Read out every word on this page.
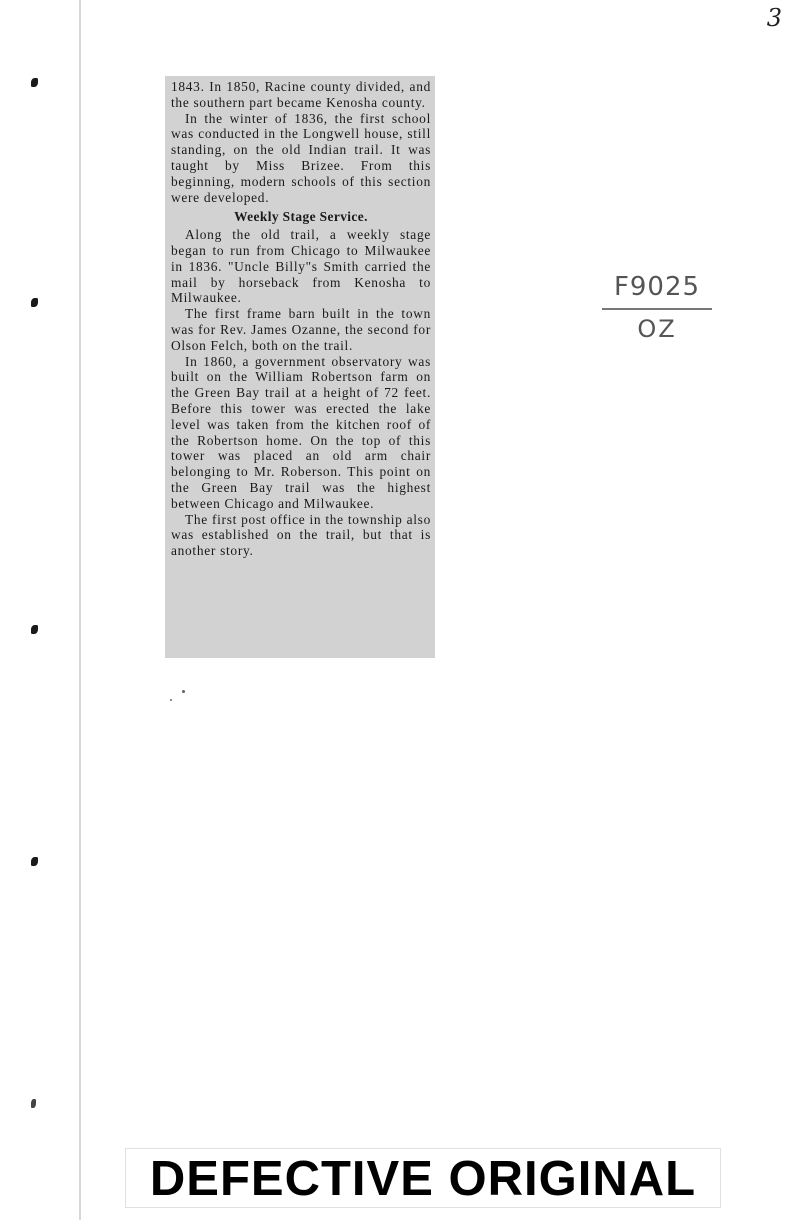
3

1843. In 1850, Racine county divided, and the southern part became Kenosha county.

In the winter of 1836, the first school was conducted in the Longwell house, still standing, on the old Indian trail. It was taught by Miss Brizee. From this beginning, modern schools of this section were developed.

Weekly Stage Service.

Along the old trail, a weekly stage began to run from Chicago to Milwaukee in 1836. "Uncle Billy"s Smith carried the mail by horseback from Kenosha to Milwaukee.

The first frame barn built in the town was for Rev. James Ozanne, the second for Olson Felch, both on the trail.

In 1860, a government observatory was built on the William Robertson farm on the Green Bay trail at a height of 72 feet. Before this tower was erected the lake level was taken from the kitchen roof of the Robertson home. On the top of this tower was placed an old arm chair belonging to Mr. Roberson. This point on the Green Bay trail was the highest between Chicago and Milwaukee.

The first post office in the township also was established on the trail, but that is another story.

F9025
OZ
DEFECTIVE ORIGINAL
